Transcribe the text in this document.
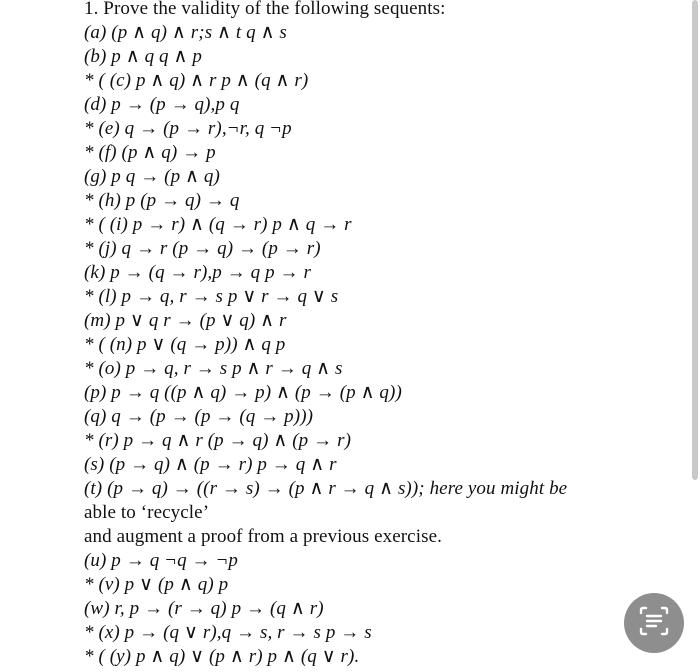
1. Prove the validity of the following sequents:
(a) (p ∧ q) ∧ r;s ∧ t q ∧ s
(b) p ∧ q q ∧ p
* ( (c) p ∧ q) ∧ r p ∧ (q ∧ r)
(d) p → (p → q),p q
* (e) q → (p → r),¬r, q ¬p
* (f) (p ∧ q) → p
(g) p q → (p ∧ q)
* (h) p (p → q) → q
* ( (i) p → r) ∧ (q → r) p ∧ q → r
* (j) q → r (p → q) → (p → r)
(k) p → (q → r),p → q p → r
* (l) p → q, r → s p ∨ r → q ∨ s
(m) p ∨ q r → (p ∨ q) ∧ r
* ( (n) p ∨ (q → p)) ∧ q p
* (o) p → q, r → s p ∧ r → q ∧ s
(p) p → q ((p ∧ q) → p) ∧ (p → (p ∧ q))
(q) q → (p → (p → (q → p)))
* (r) p → q ∧ r (p → q) ∧ (p → r)
(s) (p → q) ∧ (p → r) p → q ∧ r
(t) (p → q) → ((r → s) → (p ∧ r → q ∧ s)); here you might be
able to ‘recycle’
and augment a proof from a previous exercise.
(u) p → q ¬q → ¬p
* (v) p ∨ (p ∧ q) p
(w) r, p → (r → q) p → (q ∧ r)
* (x) p → (q ∨ r),q → s, r → s p → s
* ( (y) p ∧ q) ∨ (p ∧ r) p ∧ (q ∨ r).
